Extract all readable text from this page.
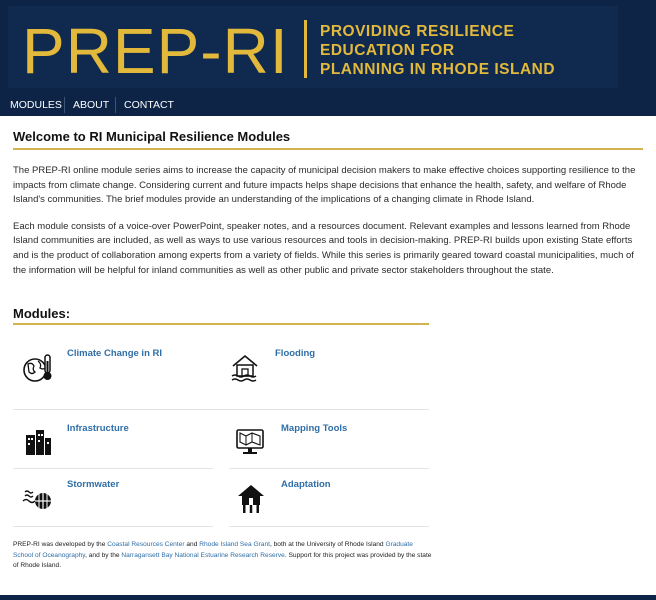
PREP-RI PROVIDING RESILIENCE
EDUCATION FOR
PLANNING IN RHODE ISLAND
MODULES	ABOUT	CONTACT
Welcome to RI Municipal Resilience Modules

The PREP-RI online module series aims to increase the capacity of municipal decision makers to make effective choices supporting resilience to the impacts from climate change. Considering current and future impacts helps shape decisions that enhance the health, safety, and welfare of Rhode Island's communities. The brief modules provide an understanding of the implications of a changing climate in Rhode Island.

Each module consists of a voice-over PowerPoint, speaker notes, and a resources document. Relevant examples and lessons learned from Rhode Island communities are included, as well as ways to use various resources and tools in decision-making. PREP-RI builds upon existing State efforts and is the product of collaboration among experts from a variety of fields. While this series is primarily geared toward coastal municipalities, much of the information will be helpful for inland communities as well as other public and private sector stakeholders throughout the state.

Modules:
Climate Change in RI	Flooding
Infrastructure	Mapping Tools
Stormwater	Adaptation
PREP-RI was developed by the Coastal Resources Center and Rhode Island Sea Grant, both at the University of Rhode Island Graduate School of Oceanography, and by the Narragansett Bay National Estuarine Research Reserve. Support for this project was provided by the state of Rhode Island.
